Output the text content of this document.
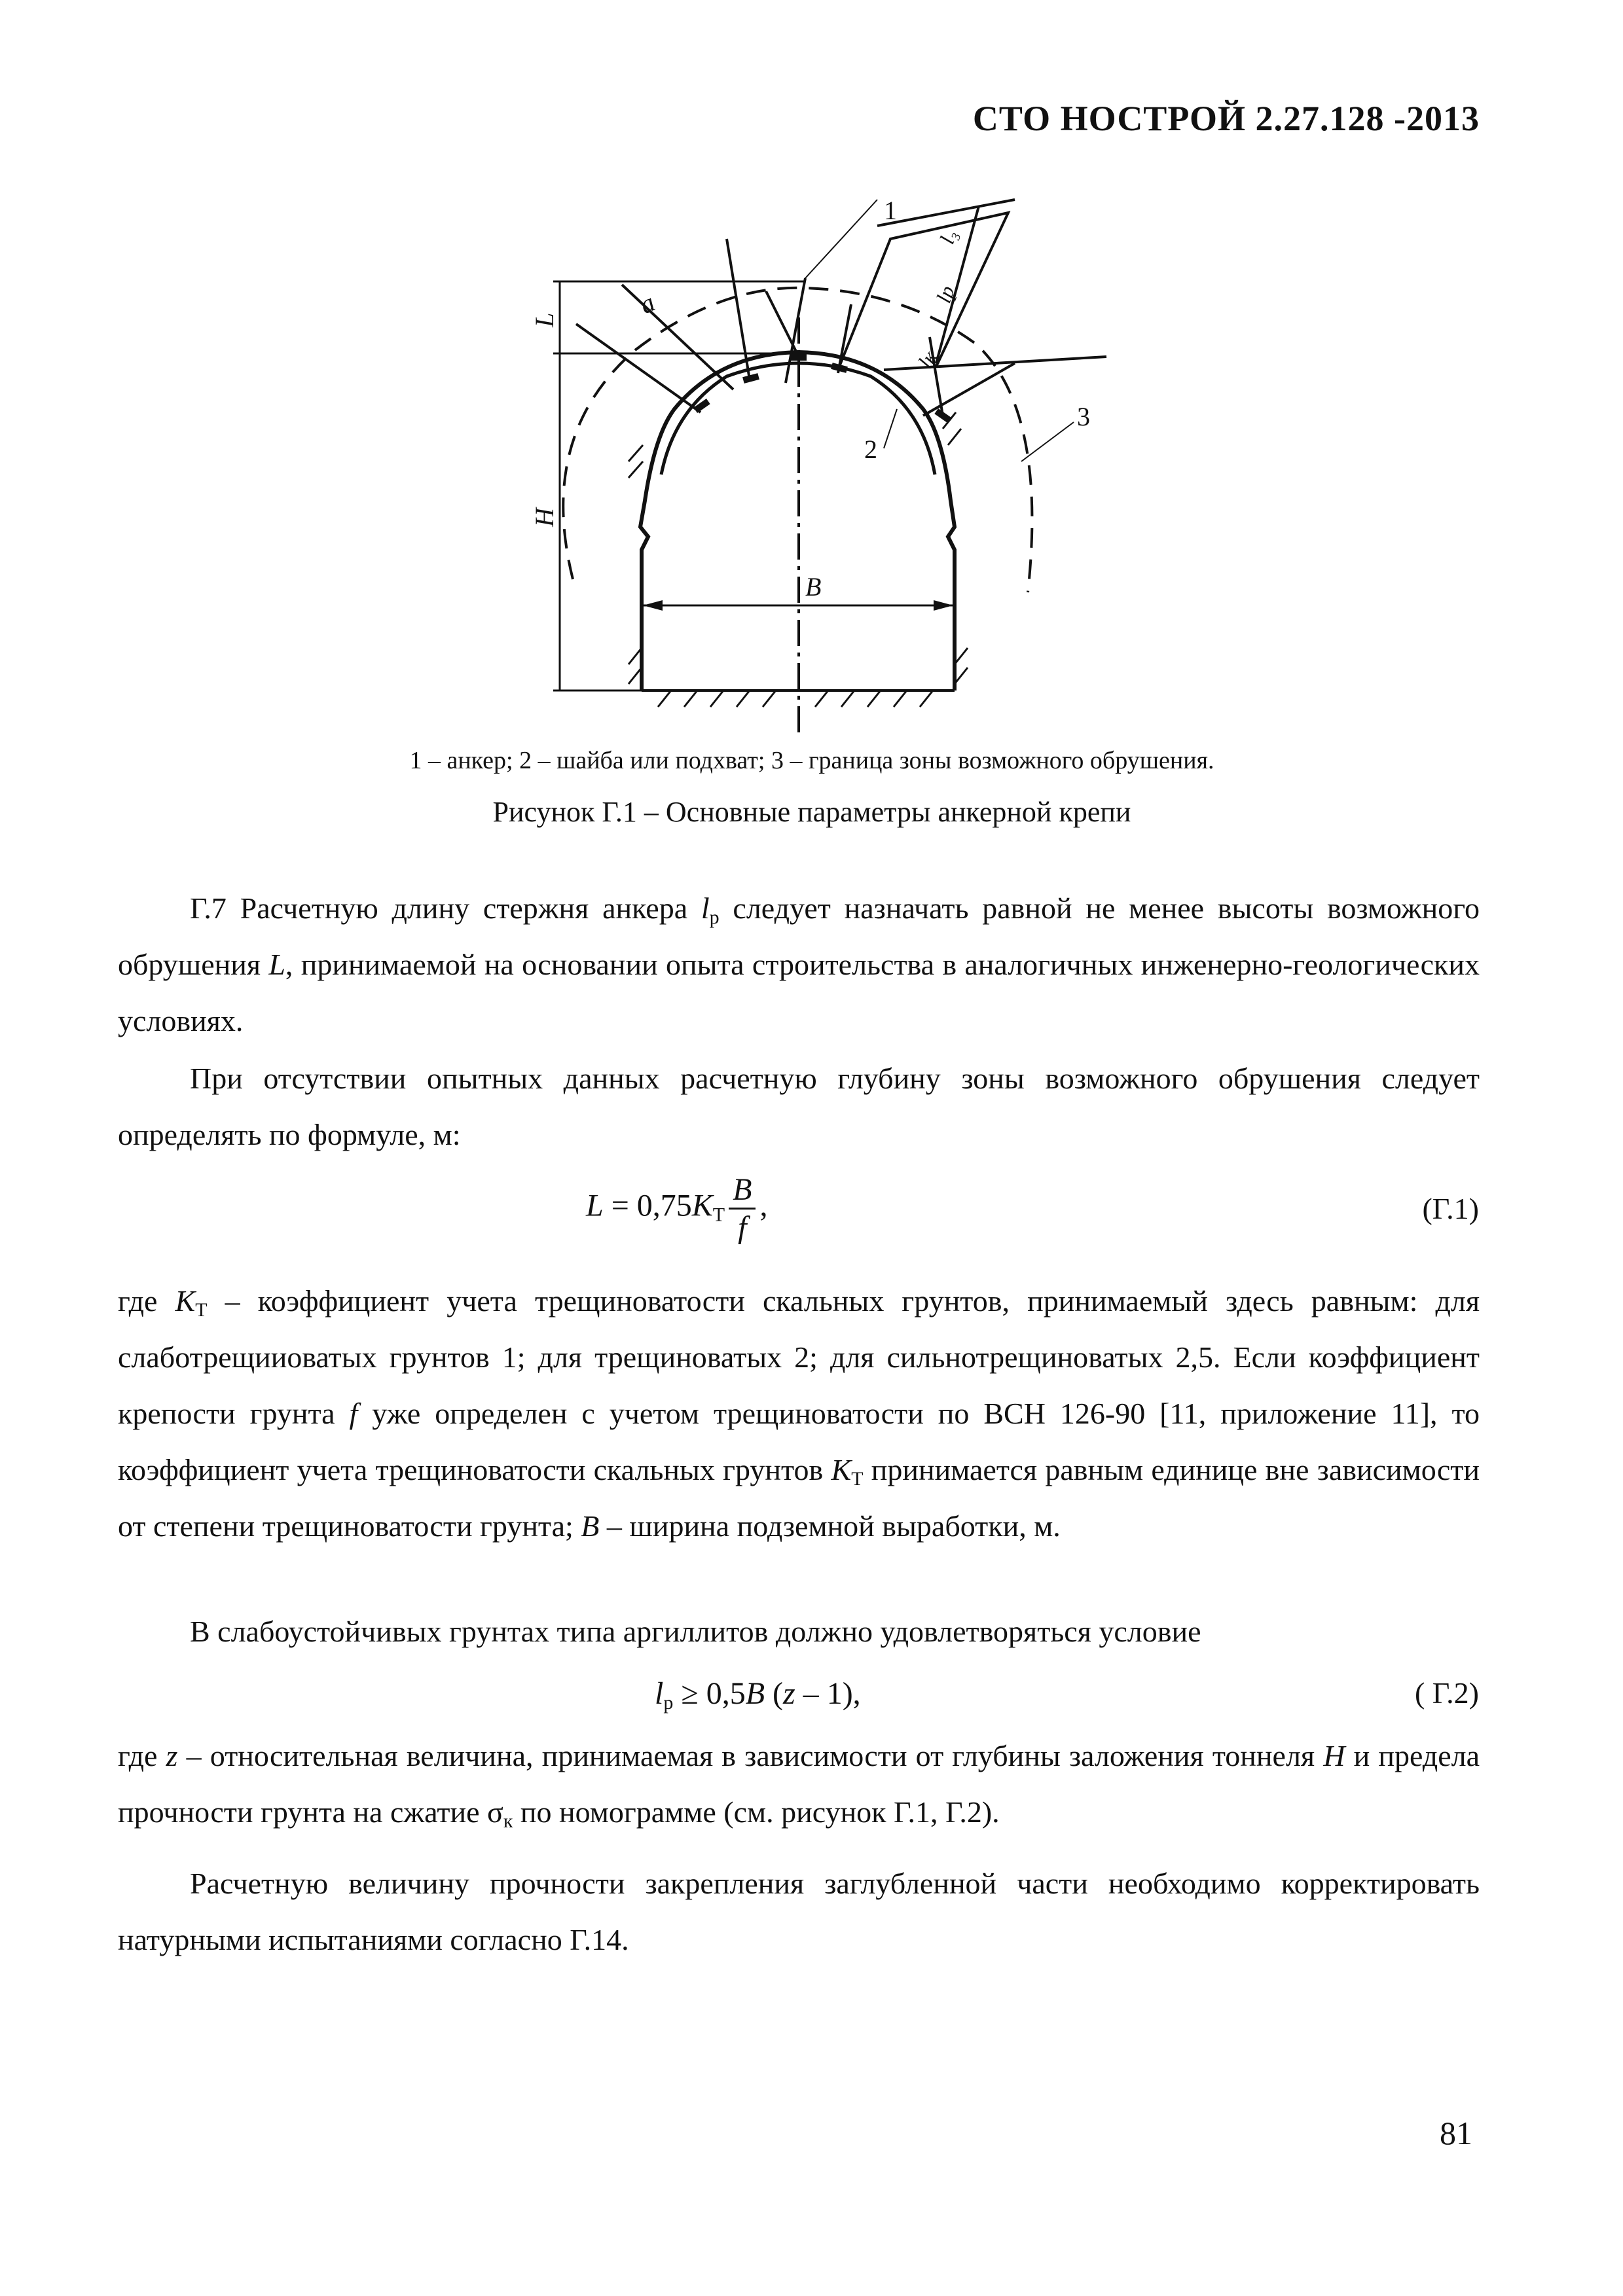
СТО НОСТРОЙ 2.27.128 -2013
1
2
3
L
H
B
a
l₃
lp
lк
1 – анкер; 2 – шайба или подхват; 3 – граница зоны возможного обрушения.
Рисунок Г.1 – Основные параметры анкерной крепи
Г.7 Расчетную длину стержня анкера $l_р$ следует назначать равной не менее высоты возможного обрушения L, принимаемой на основании опыта строительства в аналогичных инженерно-геологических условиях.
При отсутствии опытных данных расчетную глубину зоны возможного обрушения следует определять по формуле, м:
$L = 0,75K_Т \frac{B}{f}$ ,	(Г.1)
где $K_Т$ – коэффициент учета трещиноватости скальных грунтов, принимаемый здесь равным: для слаботрещииоватых грунтов 1; для трещиноватых 2; для сильнотрещиноватых 2,5. Если коэффициент крепости грунта f уже определен с учетом трещиноватости по ВСН 126-90 [11, приложение 11], то коэффициент учета трещиноватости скальных грунтов $K_Т$ принимается равным единице вне зависимости от степени трещиноватости грунта; B – ширина подземной выработки, м.
В слабоустойчивых грунтах типа аргиллитов должно удовлетворяться условие
$l_р \ge 0,5B$ (z – 1),	( Г.2)
где z – относительная величина, принимаемая в зависимости от глубины заложения тоннеля H и предела прочности грунта на сжатие $\sigma_к$ по номограмме (см. рисунок Г.1, Г.2).
Расчетную величину прочности закрепления заглубленной части необходимо корректировать натурными испытаниями согласно Г.14.
81
